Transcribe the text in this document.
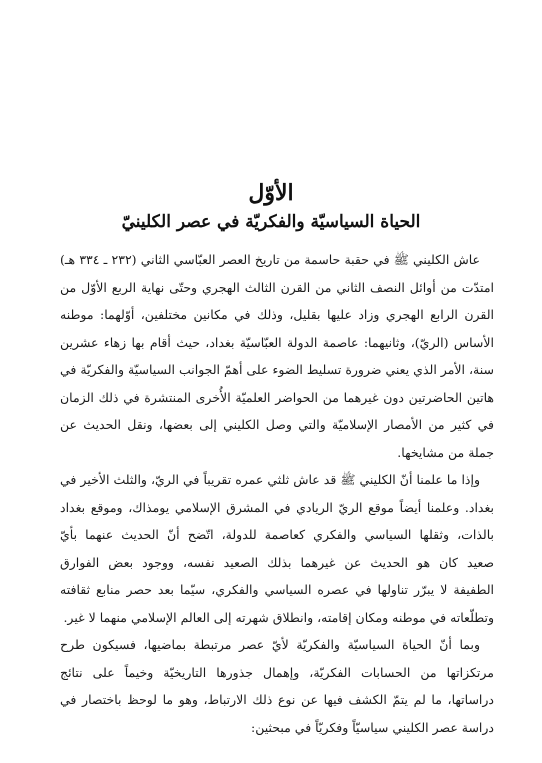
الأوّل
الحياة السياسيّة والفكريّة في عصر الكلينيّ
عاش الكليني ﷺ في حقبة حاسمة من تاريخ العصر العبّاسي الثاني (٢٣٢ ـ ٣٣٤ هـ)
امتدّت من أوائل النصف الثاني من القرن الثالث الهجري وحتّى نهاية الربع الأوّل من
القرن الرابع الهجري وزاد عليها بقليل، وذلك في مكانين مختلفين، أوّلهما: موطنه
الأساس (الريّ)، وثانيهما: عاصمة الدولة العبّاسيّة بغداد، حيث أقام بها زهاء عشرين
سنة، الأمر الذي يعني ضرورة تسليط الضوء على أهمّ الجوانب السياسيّة والفكريّة في
هاتين الحاضرتين دون غيرهما من الحواضر العلميّة الأُخرى المنتشرة في ذلك الزمان
في كثير من الأمصار الإسلاميّة والتي وصل الكليني إلى بعضها، ونقل الحديث عن
جملة من مشايخها.
وإذا ما علمنا أنّ الكليني ﷺ قد عاش ثلثي عمره تقريباً في الريّ، والثلث الأخير في
بغداد. وعلمنا أيضاً موقع الريّ الريادي في المشرق الإسلامي يومذاك، وموقع بغداد
بالذات، وثقلها السياسي والفكري كعاصمة للدولة، اتّضح أنّ الحديث عنهما بأيّ
صعيد كان هو الحديث عن غيرهما بذلك الصعيد نفسه، ووجود بعض الفوارق
الطفيفة لا يبرّر تناولها في عصره السياسي والفكري، سيّما بعد حصر منابع ثقافته
وتطلّعاته في موطنه ومكان إقامته، وانطلاق شهرته إلى العالم الإسلامي منهما لا غير.
وبما أنّ الحياة السياسيّة والفكريّة لأيّ عصر مرتبطة بماضيها، فسيكون طرح
مرتكزاتها من الحسابات الفكريّة، وإهمال جذورها التاريخيّة وخيماً على نتائج
دراساتها، ما لم يتمّ الكشف فيها عن نوع ذلك الارتباط، وهو ما لوحظ باختصار في
دراسة عصر الكليني سياسيّاً وفكريّاً في مبحثين:
